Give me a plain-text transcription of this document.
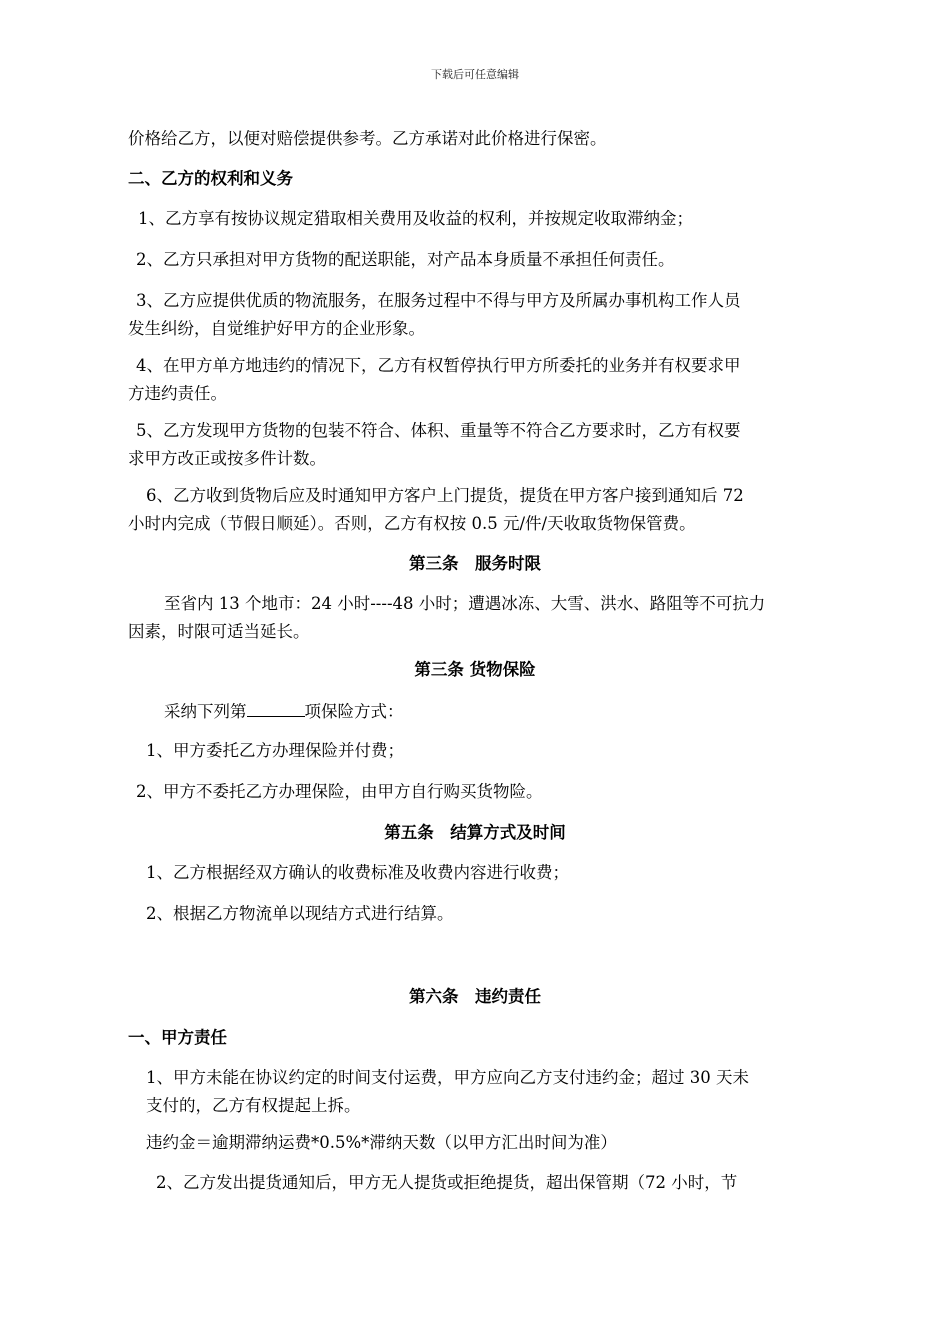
下载后可任意编辑
价格给乙方，以便对赔偿提供参考。乙方承诺对此价格进行保密。
二、乙方的权利和义务
1、乙方享有按协议规定猎取相关费用及收益的权利，并按规定收取滞纳金；
2、乙方只承担对甲方货物的配送职能，对产品本身质量不承担任何责任。
3、乙方应提供优质的物流服务，在服务过程中不得与甲方及所属办事机构工作人员
发生纠纷，自觉维护好甲方的企业形象。
4、在甲方单方地违约的情况下，乙方有权暂停执行甲方所委托的业务并有权要求甲
方违约责任。
5、乙方发现甲方货物的包装不符合、体积、重量等不符合乙方要求时，乙方有权要
求甲方改正或按多件计数。
6、乙方收到货物后应及时通知甲方客户上门提货，提货在甲方客户接到通知后 72
小时内完成（节假日顺延）。否则，乙方有权按 0.5 元/件/天收取货物保管费。
第三条　服务时限
至省内 13 个地市：24 小时----48 小时；遭遇冰冻、大雪、洪水、路阻等不可抗力
因素，时限可适当延长。
第三条 货物保险
采纳下列第	项保险方式：
1、甲方委托乙方办理保险并付费；
2、甲方不委托乙方办理保险，由甲方自行购买货物险。
第五条　结算方式及时间
1、乙方根据经双方确认的收费标准及收费内容进行收费；
2、根据乙方物流单以现结方式进行结算。
第六条　违约责任
一、甲方责任
1、甲方未能在协议约定的时间支付运费，甲方应向乙方支付违约金；超过 30 天未
支付的，乙方有权提起上拆。
违约金＝逾期滞纳运费*0.5%*滞纳天数（以甲方汇出时间为准）
2、乙方发出提货通知后，甲方无人提货或拒绝提货，超出保管期（72 小时，节
